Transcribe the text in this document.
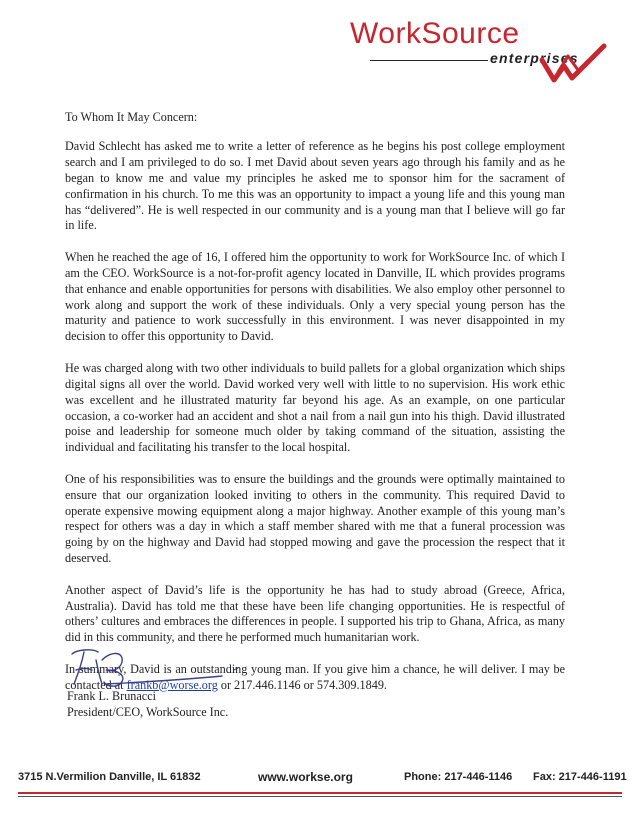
WorkSource
enterprises

To Whom It May Concern:

David Schlecht has asked me to write a letter of reference as he begins his post college employment search and I am privileged to do so. I met David about seven years ago through his family and as he began to know me and value my principles he asked me to sponsor him for the sacrament of confirmation in his church. To me this was an opportunity to impact a young life and this young man has “delivered”. He is well respected in our community and is a young man that I believe will go far in life.

When he reached the age of 16, I offered him the opportunity to work for WorkSource Inc. of which I am the CEO. WorkSource is a not-for-profit agency located in Danville, IL which provides programs that enhance and enable opportunities for persons with disabilities. We also employ other personnel to work along and support the work of these individuals. Only a very special young person has the maturity and patience to work successfully in this environment. I was never disappointed in my decision to offer this opportunity to David.

He was charged along with two other individuals to build pallets for a global organization which ships digital signs all over the world. David worked very well with little to no supervision. His work ethic was excellent and he illustrated maturity far beyond his age. As an example, on one particular occasion, a co-worker had an accident and shot a nail from a nail gun into his thigh. David illustrated poise and leadership for someone much older by taking command of the situation, assisting the individual and facilitating his transfer to the local hospital.

One of his responsibilities was to ensure the buildings and the grounds were optimally maintained to ensure that our organization looked inviting to others in the community. This required David to operate expensive mowing equipment along a major highway. Another example of this young man’s respect for others was a day in which a staff member shared with me that a funeral procession was going by on the highway and David had stopped mowing and gave the procession the respect that it deserved.

Another aspect of David’s life is the opportunity he has had to study abroad (Greece, Africa, Australia). David has told me that these have been life changing opportunities. He is respectful of others’ cultures and embraces the differences in people. I supported his trip to Ghana, Africa, as many did in this community, and there he performed much humanitarian work.

In summary, David is an outstanding young man. If you give him a chance, he will deliver. I may be contacted at frankb@worse.org or 217.446.1146 or 574.309.1849.

Frank L. Brunacci
President/CEO, WorkSource Inc.
3715 N.Vermilion Danville, IL 61832	www.workse.org	Phone: 217-446-1146 Fax: 217-446-1191
